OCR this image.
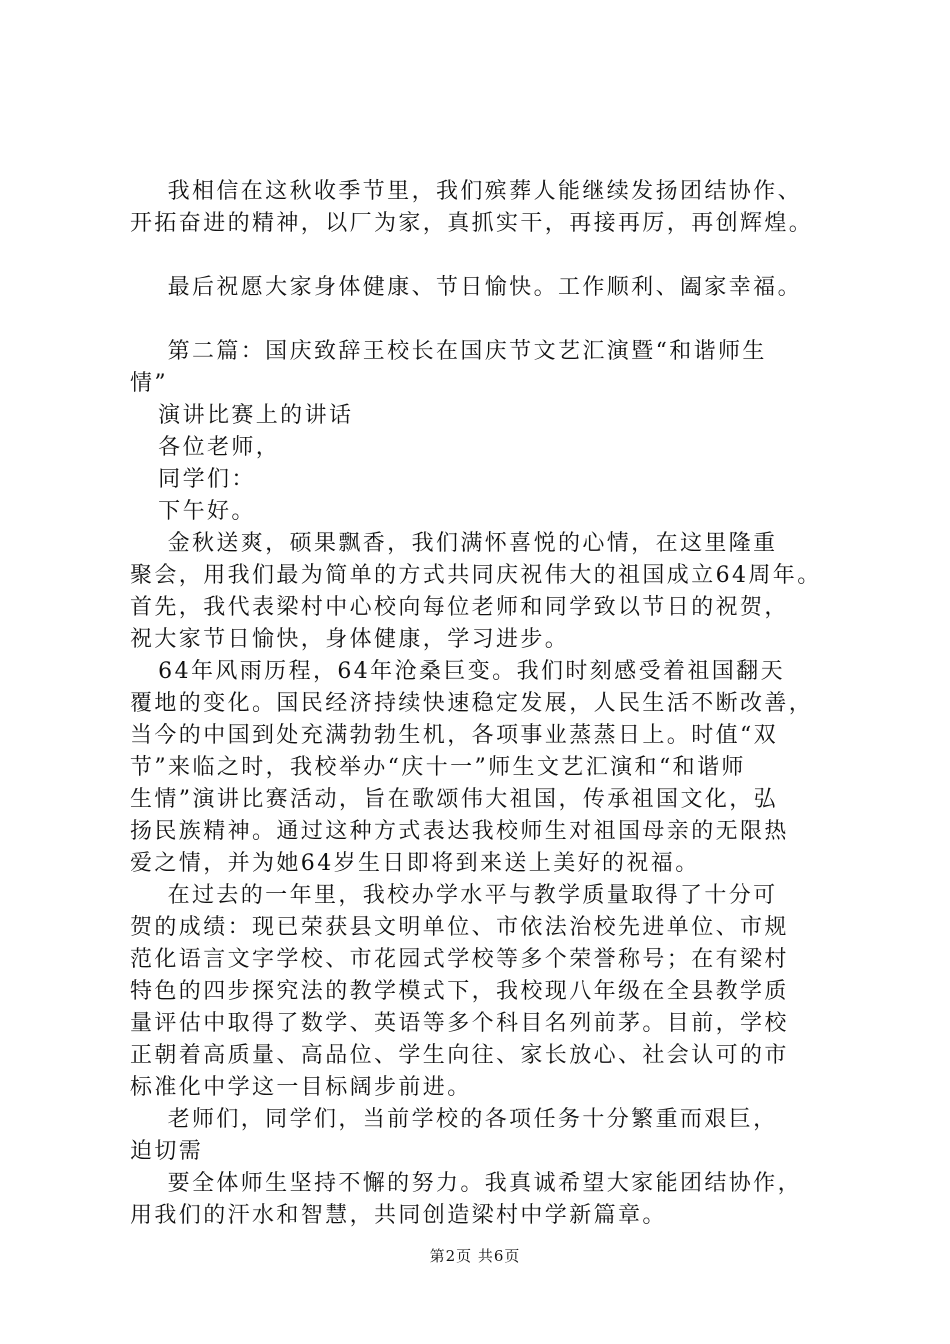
我相信在这秋收季节里，我们殡葬人能继续发扬团结协作、

开拓奋进的精神，以厂为家，真抓实干，再接再厉，再创辉煌。

最后祝愿大家身体健康、节日愉快。工作顺利、阖家幸福。

第二篇：国庆致辞王校长在国庆节文艺汇演暨“和谐师生

情”

演讲比赛上的讲话

各位老师，

同学们：

下午好。

金秋送爽，硕果飘香，我们满怀喜悦的心情，在这里隆重

聚会，用我们最为简单的方式共同庆祝伟大的祖国成立64周年。

首先，我代表梁村中心校向每位老师和同学致以节日的祝贺，

祝大家节日愉快，身体健康，学习进步。

64年风雨历程，64年沧桑巨变。我们时刻感受着祖国翻天

覆地的变化。国民经济持续快速稳定发展，人民生活不断改善，

当今的中国到处充满勃勃生机，各项事业蒸蒸日上。时值“双

节”来临之时，我校举办“庆十一”师生文艺汇演和“和谐师

生情”演讲比赛活动，旨在歌颂伟大祖国，传承祖国文化，弘

扬民族精神。通过这种方式表达我校师生对祖国母亲的无限热

爱之情，并为她64岁生日即将到来送上美好的祝福。

在过去的一年里，我校办学水平与教学质量取得了十分可

贺的成绩：现已荣获县文明单位、市依法治校先进单位、市规

范化语言文字学校、市花园式学校等多个荣誉称号；在有梁村

特色的四步探究法的教学模式下，我校现八年级在全县教学质

量评估中取得了数学、英语等多个科目名列前茅。目前，学校

正朝着高质量、高品位、学生向往、家长放心、社会认可的市

标准化中学这一目标阔步前进。

老师们，同学们，当前学校的各项任务十分繁重而艰巨，

迫切需

要全体师生坚持不懈的努力。我真诚希望大家能团结协作，

用我们的汗水和智慧，共同创造梁村中学新篇章。

第2页 共6页
